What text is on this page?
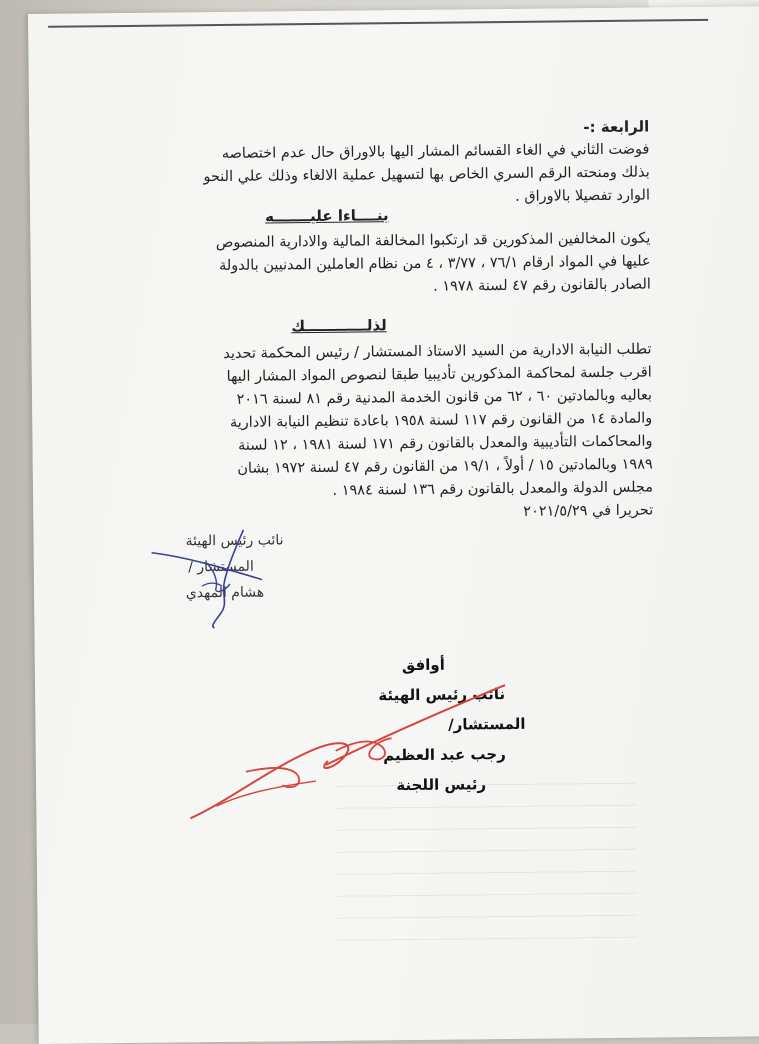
الرابعة :-
فوضت الثاني في الغاء القسائم المشار اليها بالاوراق حال عدم اختصاصه
بذلك ومنحته الرقم السري الخاص بها لتسهيل عملية الالغاء وذلك علي النحو
الوارد تفصيلا بالاوراق .
بنــــاءا عليـــــــه
يكون المخالفين المذكورين قد ارتكبوا المخالفة المالية والادارية المنصوص
عليها في المواد ارقام ٧٦/١ ، ٣/٧٧ ، ٤ من نظام العاملين المدنيين بالدولة
الصادر بالقانون رقم ٤٧ لسنة ١٩٧٨ .
لذلــــــــــــك
تطلب النيابة الادارية من السيد الاستاذ المستشار / رئيس المحكمة تحديد
اقرب جلسة لمحاكمة المذكورين تأديبيا طبقا لنصوص المواد المشار اليها
بعاليه وبالمادتين ٦٠ ، ٦٢ من قانون الخدمة المدنية رقم ٨١ لسنة ٢٠١٦
والمادة ١٤ من القانون رقم ١١٧ لسنة ١٩٥٨ باعادة تنظيم النيابة الادارية
والمحاكمات التأديبية والمعدل بالقانون رقم ١٧١ لسنة ١٩٨١ ، ١٢ لسنة
١٩٨٩ وبالمادتين ١٥ / أولاً ، ١٩/١ من القانون رقم ٤٧ لسنة ١٩٧٢ بشان
مجلس الدولة والمعدل بالقانون رقم ١٣٦ لسنة ١٩٨٤ .
تحريرا في ٢٠٢١/٥/٢٩
نائب رئيس الهيئة
المستشار /
هشام المهدي
أوافق
نائب رئيس الهيئة
المستشار/
رجب عبد العظيم
رئيس اللجنة
